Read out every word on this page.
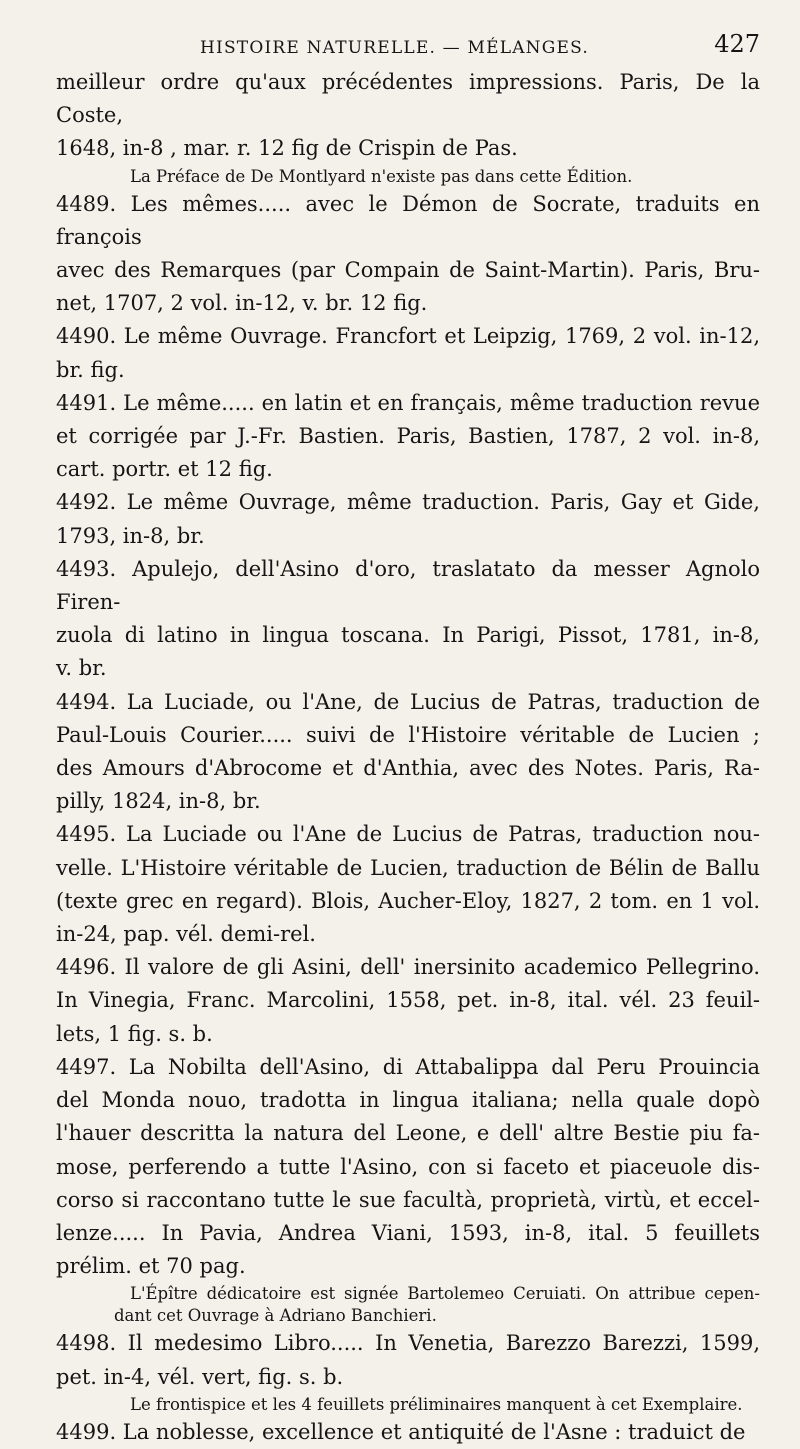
HISTOIRE NATURELLE. — MÉLANGES.	427

meilleur ordre qu'aux précédentes impressions. Paris, De la Coste,

1648, in-8 , mar. r. 12 fig de Crispin de Pas.

La Préface de De Montlyard n'existe pas dans cette Édition.

4489. Les mêmes..... avec le Démon de Socrate, traduits en françois

avec des Remarques (par Compain de Saint-Martin). Paris, Bru-

net, 1707, 2 vol. in-12, v. br. 12 fig.

4490. Le même Ouvrage. Francfort et Leipzig, 1769, 2 vol. in-12,

br. fig.

4491. Le même..... en latin et en français, même traduction revue

et corrigée par J.-Fr. Bastien. Paris, Bastien, 1787, 2 vol. in-8,

cart. portr. et 12 fig.

4492. Le même Ouvrage, même traduction. Paris, Gay et Gide,

1793, in-8, br.

4493. Apulejo, dell'Asino d'oro, traslatato da messer Agnolo Firen-

zuola di latino in lingua toscana. In Parigi, Pissot, 1781, in-8,

v. br.

4494. La Luciade, ou l'Ane, de Lucius de Patras, traduction de

Paul-Louis Courier..... suivi de l'Histoire véritable de Lucien ;

des Amours d'Abrocome et d'Anthia, avec des Notes. Paris, Ra-

pilly, 1824, in-8, br.

4495. La Luciade ou l'Ane de Lucius de Patras, traduction nou-

velle. L'Histoire véritable de Lucien, traduction de Bélin de Ballu

(texte grec en regard). Blois, Aucher-Eloy, 1827, 2 tom. en 1 vol.

in-24, pap. vél. demi-rel.

4496. Il valore de gli Asini, dell' inersinito academico Pellegrino.

In Vinegia, Franc. Marcolini, 1558, pet. in-8, ital. vél. 23 feuil-

lets, 1 fig. s. b.

4497. La Nobilta dell'Asino, di Attabalippa dal Peru Prouincia

del Monda nouo, tradotta in lingua italiana; nella quale dopò

l'hauer descritta la natura del Leone, e dell' altre Bestie piu fa-

mose, perferendo a tutte l'Asino, con si faceto et piaceuole dis-

corso si raccontano tutte le sue facultà, proprietà, virtù, et eccel-

lenze..... In Pavia, Andrea Viani, 1593, in-8, ital. 5 feuillets

prélim. et 70 pag.

L'Épître dédicatoire est signée Bartolemeo Ceruiati. On attribue cepen-

dant cet Ouvrage à Adriano Banchieri.

4498. Il medesimo Libro..... In Venetia, Barezzo Barezzi, 1599,

pet. in-4, vél. vert, fig. s. b.

Le frontispice et les 4 feuillets préliminaires manquent à cet Exemplaire.

4499. La noblesse, excellence et antiquité de l'Asne : traduict de
